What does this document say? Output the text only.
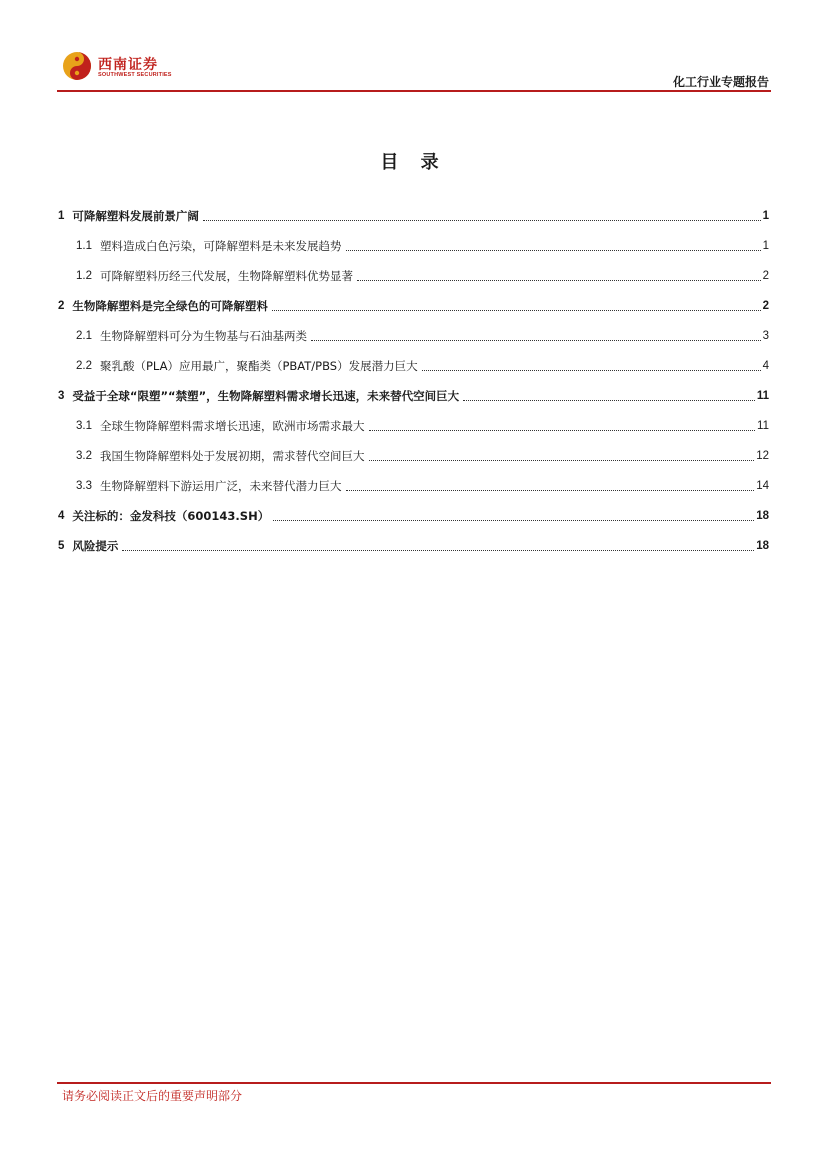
西南证券
SOUTHWEST SECURITIES	化工行业专题报告
目 录
1 可降解塑料发展前景广阔	1
1.1 塑料造成白色污染，可降解塑料是未来发展趋势	1
1.2 可降解塑料历经三代发展，生物降解塑料优势显著	2
2 生物降解塑料是完全绿色的可降解塑料	2
2.1 生物降解塑料可分为生物基与石油基两类	3
2.2 聚乳酸（PLA）应用最广，聚酯类（PBAT/PBS）发展潜力巨大	4
3 受益于全球“限塑”“禁塑”，生物降解塑料需求增长迅速，未来替代空间巨大	11
3.1 全球生物降解塑料需求增长迅速，欧洲市场需求最大	11
3.2 我国生物降解塑料处于发展初期，需求替代空间巨大	12
3.3 生物降解塑料下游运用广泛，未来替代潜力巨大	14
4 关注标的：金发科技（600143.SH）	18
5 风险提示	18
请务必阅读正文后的重要声明部分
